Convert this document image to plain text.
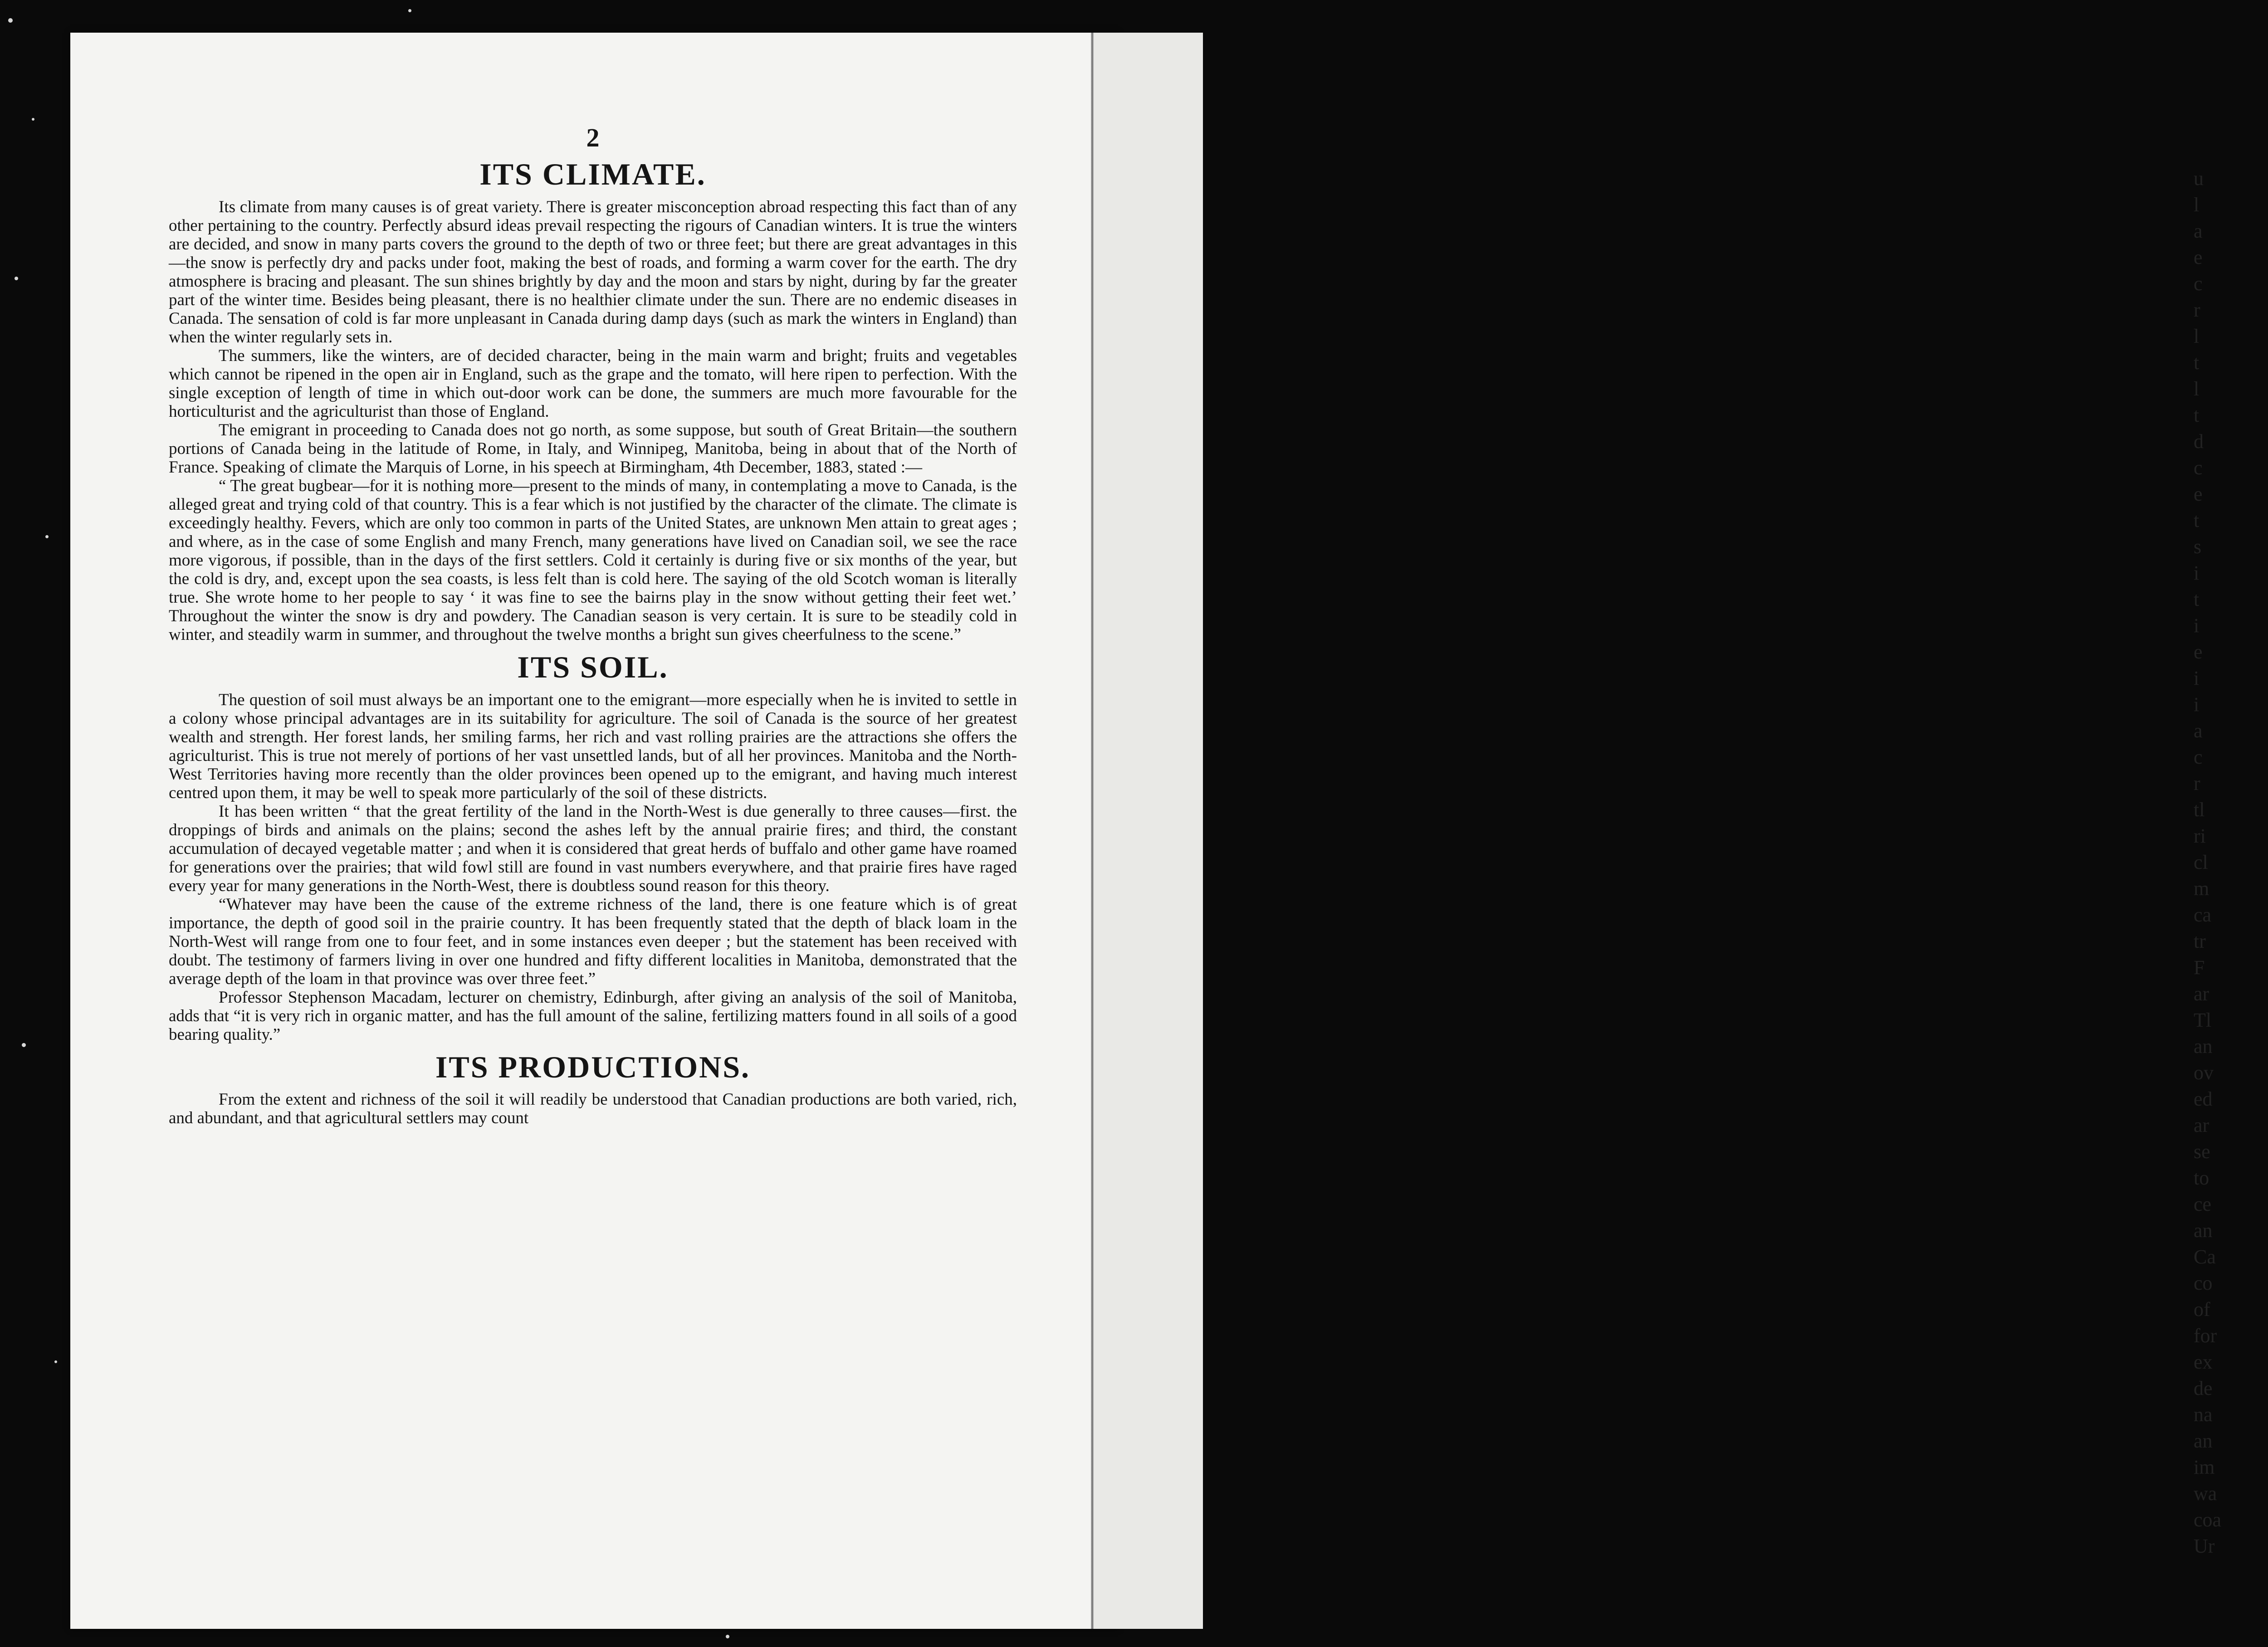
u
l
a
e
c
r
l
t
l
t
d
c
e
t
s
i
t
i
e
i
i
a
c
r
tl
ri
cl
m
ca
tr
F
ar
Tl
an
ov
ed
ar
se
to
ce
an
Ca
co
of
for
ex
de
na
an
im
wa
coa
Ur
2
ITS CLIMATE.

Its climate from many causes is of great variety. There is greater misconception abroad respecting this fact than of any other pertaining to the country. Perfectly absurd ideas prevail respecting the rigours of Canadian winters. It is true the winters are decided, and snow in many parts covers the ground to the depth of two or three feet; but there are great advantages in this—the snow is perfectly dry and packs under foot, making the best of roads, and forming a warm cover for the earth. The dry atmosphere is bracing and pleasant. The sun shines brightly by day and the moon and stars by night, during by far the greater part of the winter time. Besides being pleasant, there is no healthier climate under the sun. There are no endemic diseases in Canada. The sensation of cold is far more unpleasant in Canada during damp days (such as mark the winters in England) than when the winter regularly sets in.

The summers, like the winters, are of decided character, being in the main warm and bright; fruits and vegetables which cannot be ripened in the open air in England, such as the grape and the tomato, will here ripen to perfection. With the single exception of length of time in which out-door work can be done, the summers are much more favourable for the horticulturist and the agriculturist than those of England.

The emigrant in proceeding to Canada does not go north, as some suppose, but south of Great Britain—the southern portions of Canada being in the latitude of Rome, in Italy, and Winnipeg, Manitoba, being in about that of the North of France. Speaking of climate the Marquis of Lorne, in his speech at Birmingham, 4th December, 1883, stated :—

“ The great bugbear—for it is nothing more—present to the minds of many, in contemplating a move to Canada, is the alleged great and trying cold of that country. This is a fear which is not justified by the character of the climate. The climate is exceedingly healthy. Fevers, which are only too common in parts of the United States, are unknown Men attain to great ages ; and where, as in the case of some English and many French, many generations have lived on Canadian soil, we see the race more vigorous, if possible, than in the days of the first settlers. Cold it certainly is during five or six months of the year, but the cold is dry, and, except upon the sea coasts, is less felt than is cold here. The saying of the old Scotch woman is literally true. She wrote home to her people to say ‘ it was fine to see the bairns play in the snow without getting their feet wet.’ Throughout the winter the snow is dry and powdery. The Canadian season is very certain. It is sure to be steadily cold in winter, and steadily warm in summer, and throughout the twelve months a bright sun gives cheerfulness to the scene.”

ITS SOIL.

The question of soil must always be an important one to the emigrant—more especially when he is invited to settle in a colony whose principal advantages are in its suitability for agriculture. The soil of Canada is the source of her greatest wealth and strength. Her forest lands, her smiling farms, her rich and vast rolling prairies are the attractions she offers the agriculturist. This is true not merely of portions of her vast unsettled lands, but of all her provinces. Manitoba and the North-West Territories having more recently than the older provinces been opened up to the emigrant, and having much interest centred upon them, it may be well to speak more particularly of the soil of these districts.

It has been written “ that the great fertility of the land in the North-West is due generally to three causes—first. the droppings of birds and animals on the plains; second the ashes left by the annual prairie fires; and third, the constant accumulation of decayed vegetable matter ; and when it is considered that great herds of buffalo and other game have roamed for generations over the prairies; that wild fowl still are found in vast numbers everywhere, and that prairie fires have raged every year for many generations in the North-West, there is doubtless sound reason for this theory.

“Whatever may have been the cause of the extreme richness of the land, there is one feature which is of great importance, the depth of good soil in the prairie country. It has been frequently stated that the depth of black loam in the North-West will range from one to four feet, and in some instances even deeper ; but the statement has been received with doubt. The testimony of farmers living in over one hundred and fifty different localities in Manitoba, demonstrated that the average depth of the loam in that province was over three feet.”

Professor Stephenson Macadam, lecturer on chemistry, Edinburgh, after giving an analysis of the soil of Manitoba, adds that “it is very rich in organic matter, and has the full amount of the saline, fertilizing matters found in all soils of a good bearing quality.”

ITS PRODUCTIONS.

From the extent and richness of the soil it will readily be understood that Canadian productions are both varied, rich, and abundant, and that agricultural settlers may count
